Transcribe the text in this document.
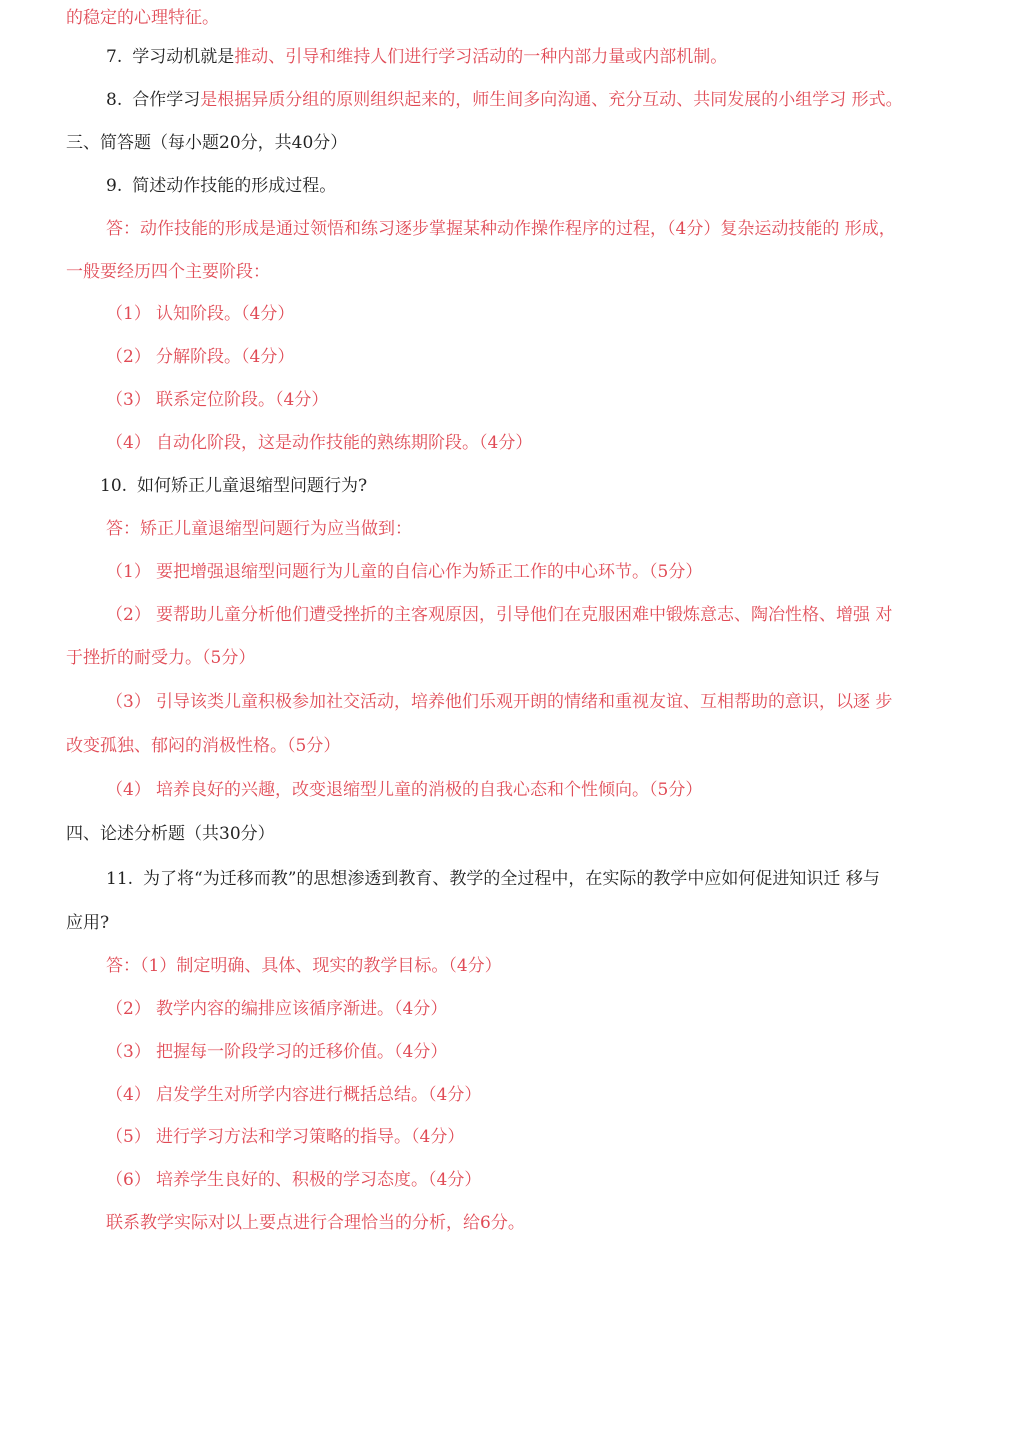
的稳定的心理特征。
7. 学习动机就是推动、引导和维持人们进行学习活动的一种内部力量或内部机制。
8. 合作学习是根据异质分组的原则组织起来的，师生间多向沟通、充分互动、共同发展的小组学习 形式。
三、简答题（每小题20分，共40分）
9. 简述动作技能的形成过程。
答：动作技能的形成是通过领悟和练习逐步掌握某种动作操作程序的过程，（4分）复杂运动技能的 形成，
一般要经历四个主要阶段：
（1） 认知阶段。（4分）
（2） 分解阶段。（4分）
（3） 联系定位阶段。（4分）
（4） 自动化阶段，这是动作技能的熟练期阶段。（4分）
10. 如何矫正儿童退缩型问题行为?
答：矫正儿童退缩型问题行为应当做到：
（1） 要把增强退缩型问题行为儿童的自信心作为矫正工作的中心环节。（5分）
（2） 要帮助儿童分析他们遭受挫折的主客观原因，引导他们在克服困难中锻炼意志、陶冶性格、增强 对
于挫折的耐受力。（5分）
（3） 引导该类儿童积极参加社交活动，培养他们乐观开朗的情绪和重视友谊、互相帮助的意识，以逐 步
改变孤独、郁闷的消极性格。（5分）
（4） 培养良好的兴趣，改变退缩型儿童的消极的自我心态和个性倾向。（5分）
四、论述分析题（共30分）
11. 为了将“为迁移而教”的思想渗透到教育、教学的全过程中，在实际的教学中应如何促进知识迁 移与
应用?
答：（1）制定明确、具体、现实的教学目标。（4分）
（2） 教学内容的编排应该循序渐进。（4分）
（3） 把握每一阶段学习的迁移价值。（4分）
（4） 启发学生对所学内容进行概括总结。（4分）
（5） 进行学习方法和学习策略的指导。（4分）
（6） 培养学生良好的、积极的学习态度。（4分）
联系教学实际对以上要点进行合理恰当的分析，给6分。
